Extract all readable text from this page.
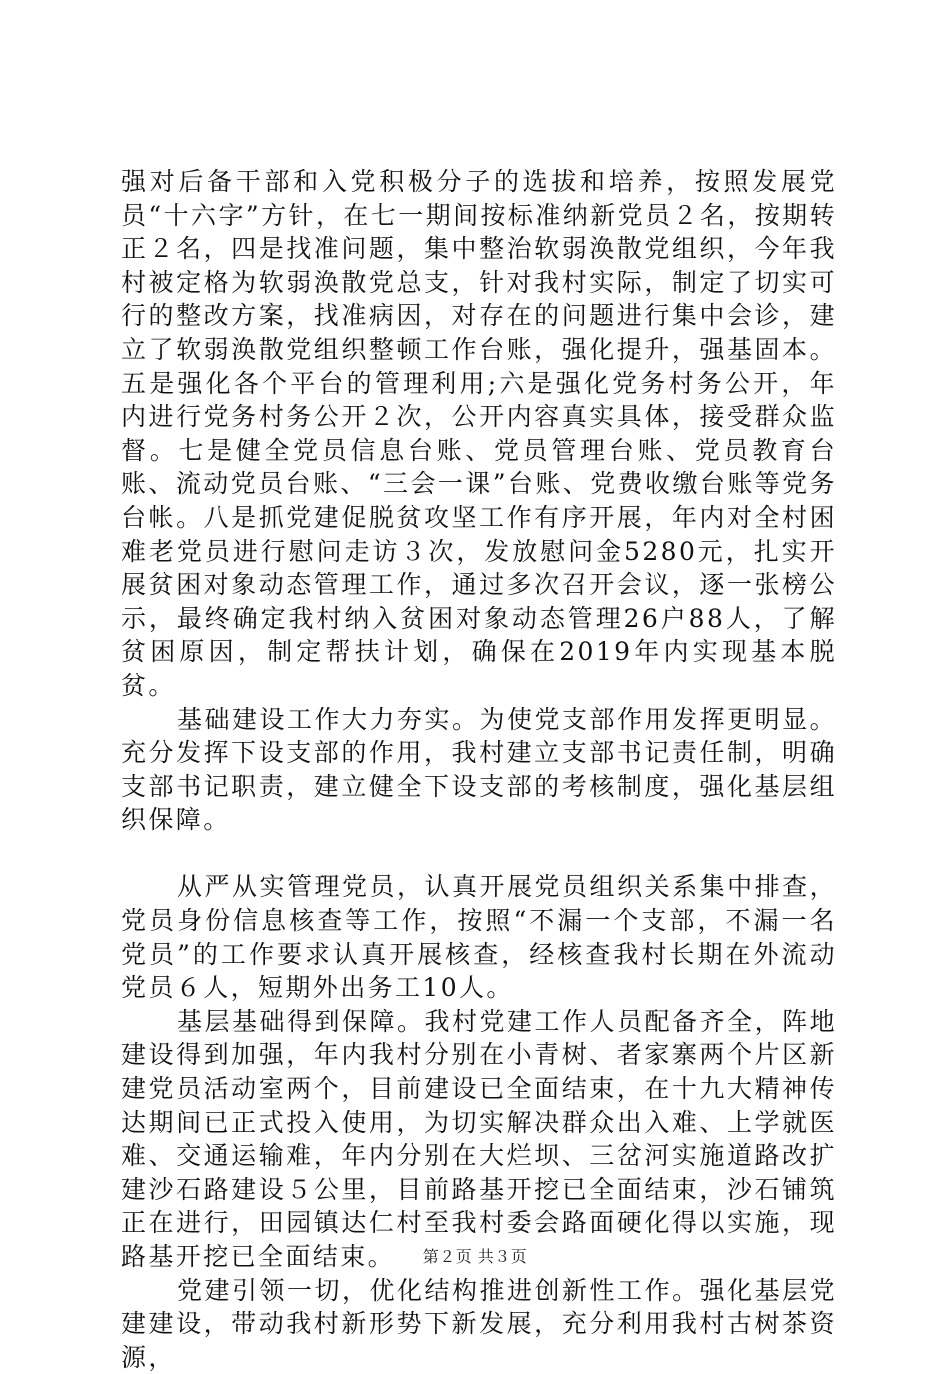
强对后备干部和入党积极分子的选拔和培养，按照发展党员“十六字”方针，在七一期间按标准纳新党员２名，按期转正２名，四是找准问题，集中整治软弱涣散党组织，今年我村被定格为软弱涣散党总支，针对我村实际，制定了切实可行的整改方案，找准病因，对存在的问题进行集中会诊，建立了软弱涣散党组织整顿工作台账，强化提升，强基固本。五是强化各个平台的管理利用;六是强化党务村务公开，年内进行党务村务公开２次，公开内容真实具体，接受群众监督。七是健全党员信息台账、党员管理台账、党员教育台账、流动党员台账、“三会一课”台账、党费收缴台账等党务台帐。八是抓党建促脱贫攻坚工作有序开展，年内对全村困难老党员进行慰问走访３次，发放慰问金5280元，扎实开展贫困对象动态管理工作，通过多次召开会议，逐一张榜公示，最终确定我村纳入贫困对象动态管理26户88人，了解贫困原因，制定帮扶计划，确保在2019年内实现基本脱贫。

基础建设工作大力夯实。为使党支部作用发挥更明显。充分发挥下设支部的作用，我村建立支部书记责任制，明确支部书记职责，建立健全下设支部的考核制度，强化基层组织保障。

从严从实管理党员，认真开展党员组织关系集中排查，党员身份信息核查等工作，按照“不漏一个支部，不漏一名党员”的工作要求认真开展核查，经核查我村长期在外流动党员６人，短期外出务工10人。

基层基础得到保障。我村党建工作人员配备齐全，阵地建设得到加强，年内我村分别在小青树、者家寨两个片区新建党员活动室两个，目前建设已全面结束，在十九大精神传达期间已正式投入使用，为切实解决群众出入难、上学就医难、交通运输难，年内分别在大烂坝、三岔河实施道路改扩建沙石路建设５公里，目前路基开挖已全面结束，沙石铺筑正在进行，田园镇达仁村至我村委会路面硬化得以实施，现路基开挖已全面结束。

党建引领一切，优化结构推进创新性工作。强化基层党建建设，带动我村新形势下新发展，充分利用我村古树茶资源，

第２页 共３页
